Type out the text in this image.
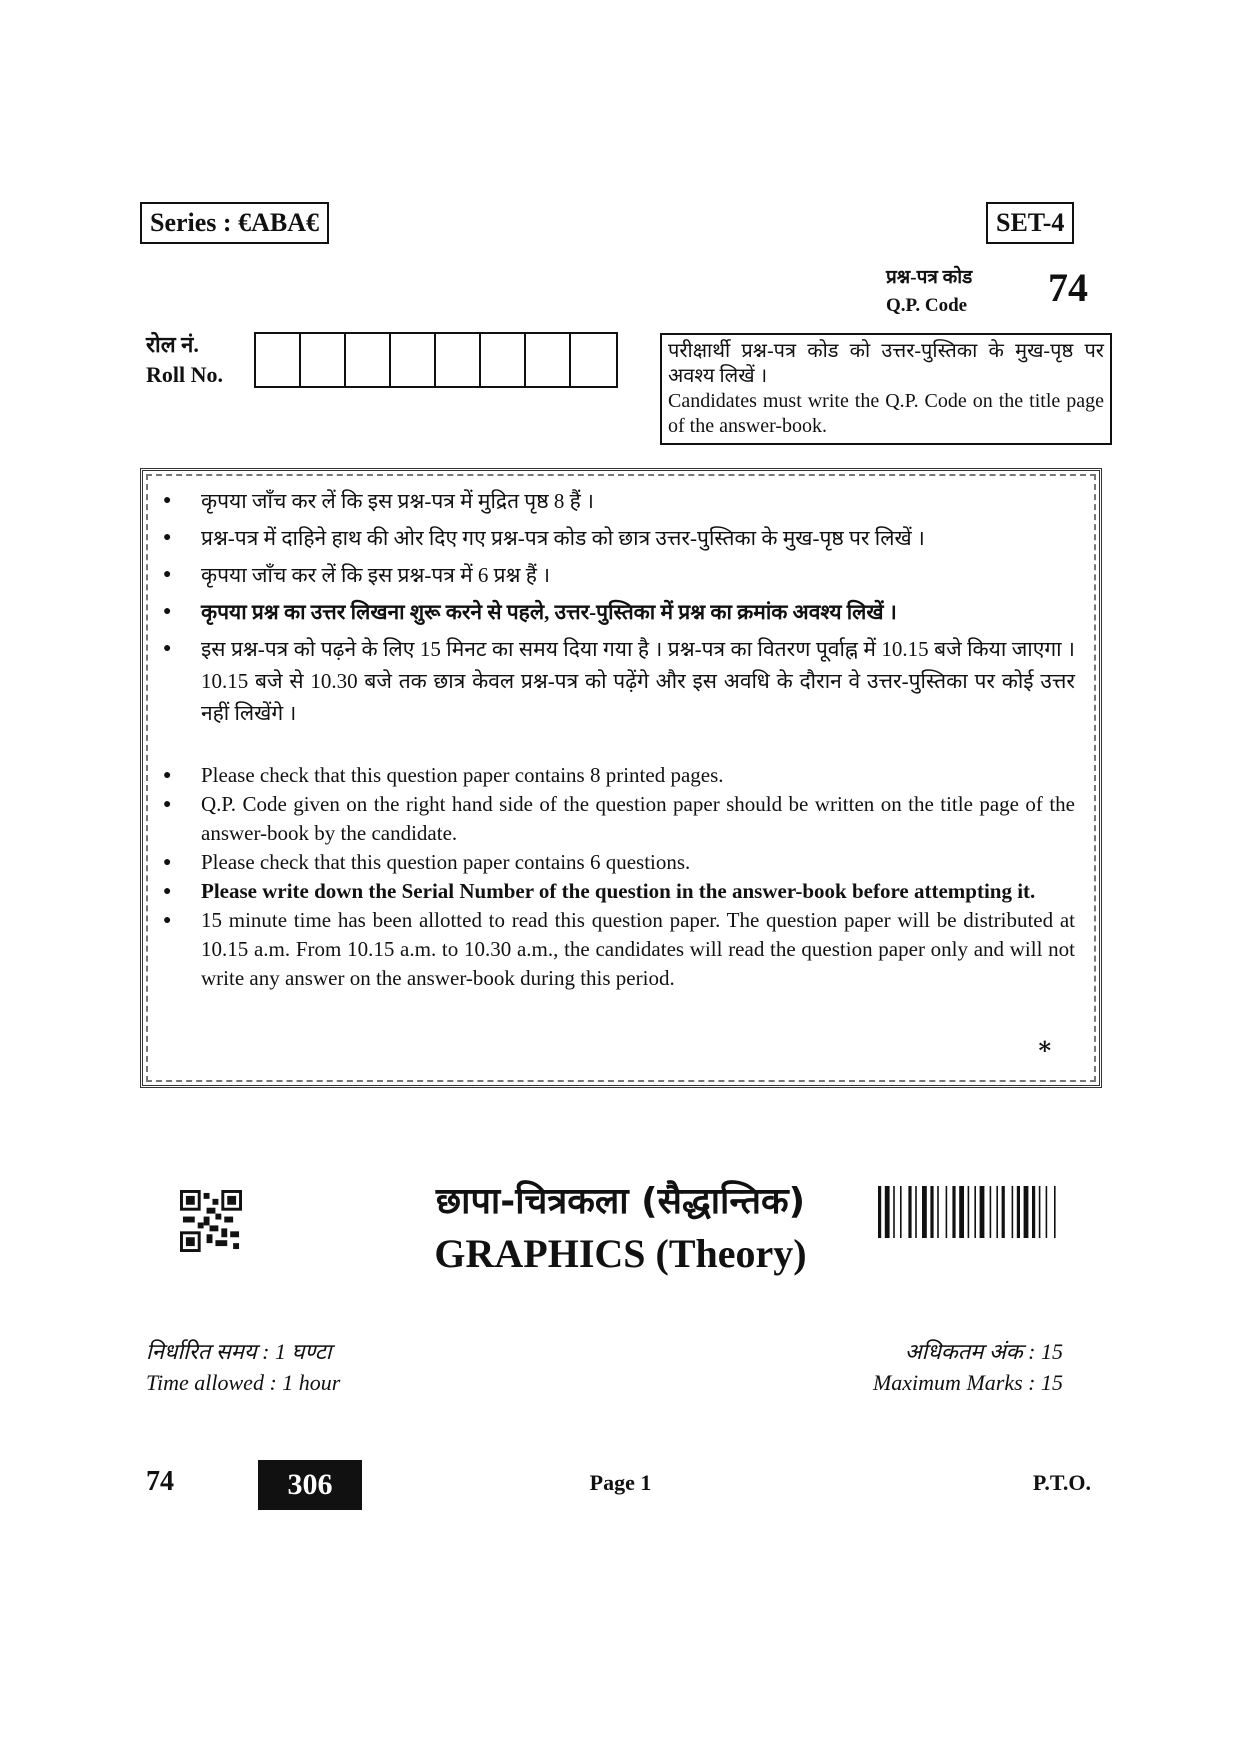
Series : €ABA€	SET-4
प्रश्न-पत्र कोड
Q.P. Code 74
रोल नं.
Roll No.
परीक्षार्थी प्रश्न-पत्र कोड को उत्तर-पुस्तिका के मुख-पृष्ठ पर अवश्य लिखें ।
Candidates must write the Q.P. Code on the title page of the answer-book.
● कृपया जाँच कर लें कि इस प्रश्न-पत्र में मुद्रित पृष्ठ 8 हैं ।
● प्रश्न-पत्र में दाहिने हाथ की ओर दिए गए प्रश्न-पत्र कोड को छात्र उत्तर-पुस्तिका के मुख-पृष्ठ पर लिखें ।
● कृपया जाँच कर लें कि इस प्रश्न-पत्र में 6 प्रश्न हैं ।
● कृपया प्रश्न का उत्तर लिखना शुरू करने से पहले, उत्तर-पुस्तिका में प्रश्न का क्रमांक अवश्य लिखें ।
● इस प्रश्न-पत्र को पढ़ने के लिए 15 मिनट का समय दिया गया है । प्रश्न-पत्र का वितरण पूर्वाह्न में 10.15 बजे किया जाएगा । 10.15 बजे से 10.30 बजे तक छात्र केवल प्रश्न-पत्र को पढ़ेंगे और इस अवधि के दौरान वे उत्तर-पुस्तिका पर कोई उत्तर नहीं लिखेंगे ।
● Please check that this question paper contains 8 printed pages.
● Q.P. Code given on the right hand side of the question paper should be written on the title page of the answer-book by the candidate.
● Please check that this question paper contains 6 questions.
● Please write down the Serial Number of the question in the answer-book before attempting it.
● 15 minute time has been allotted to read this question paper. The question paper will be distributed at 10.15 a.m. From 10.15 a.m. to 10.30 a.m., the candidates will read the question paper only and will not write any answer on the answer-book during this period.
*
छापा-चित्रकला (सैद्धान्तिक)
GRAPHICS (Theory)
निर्धारित समय : 1 घण्टा
Time allowed : 1 hour
अधिकतम अंक : 15
Maximum Marks : 15
74	306	Page 1	P.T.O.
